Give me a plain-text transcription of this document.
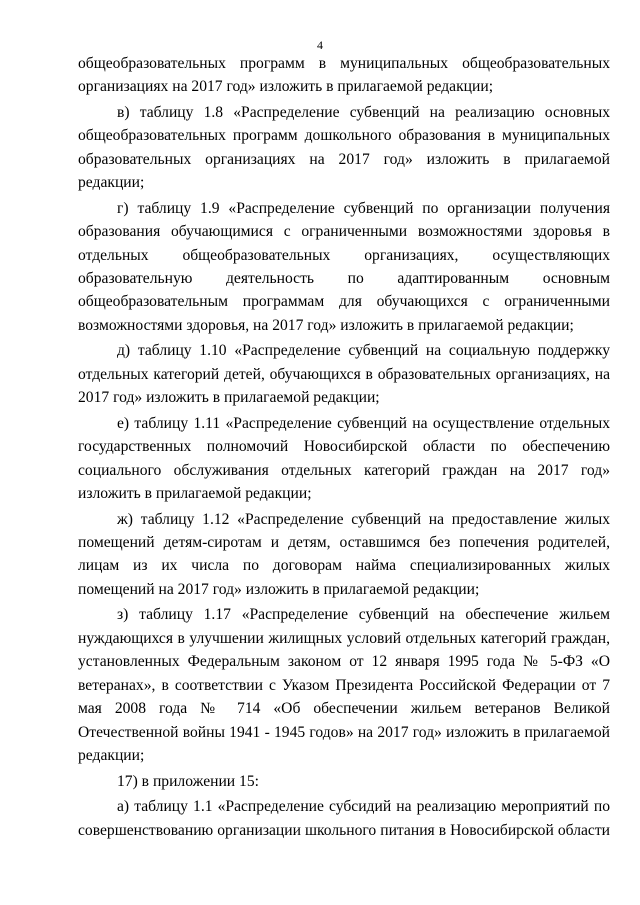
4

общеобразовательных программ в муниципальных общеобразовательных организациях на 2017 год» изложить в прилагаемой редакции;

в) таблицу 1.8 «Распределение субвенций на реализацию основных общеобразовательных программ дошкольного образования в муниципальных образовательных организациях на 2017 год» изложить в прилагаемой редакции;

г) таблицу 1.9 «Распределение субвенций по организации получения образования обучающимися с ограниченными возможностями здоровья в отдельных общеобразовательных организациях, осуществляющих образовательную деятельность по адаптированным основным общеобразовательным программам для обучающихся с ограниченными возможностями здоровья, на 2017 год» изложить в прилагаемой редакции;

д) таблицу 1.10 «Распределение субвенций на социальную поддержку отдельных категорий детей, обучающихся в образовательных организациях, на 2017 год» изложить в прилагаемой редакции;

е) таблицу 1.11 «Распределение субвенций на осуществление отдельных государственных полномочий Новосибирской области по обеспечению социального обслуживания отдельных категорий граждан на 2017 год» изложить в прилагаемой редакции;

ж) таблицу 1.12 «Распределение субвенций на предоставление жилых помещений детям-сиротам и детям, оставшимся без попечения родителей, лицам из их числа по договорам найма специализированных жилых помещений на 2017 год» изложить в прилагаемой редакции;

з) таблицу 1.17 «Распределение субвенций на обеспечение жильем нуждающихся в улучшении жилищных условий отдельных категорий граждан, установленных Федеральным законом от 12 января 1995 года № 5-ФЗ «О ветеранах», в соответствии с Указом Президента Российской Федерации от 7 мая 2008 года № 714 «Об обеспечении жильем ветеранов Великой Отечественной войны 1941 - 1945 годов» на 2017 год» изложить в прилагаемой редакции;

17) в приложении 15:

а) таблицу 1.1 «Распределение субсидий на реализацию мероприятий по совершенствованию организации школьного питания в Новосибирской области
